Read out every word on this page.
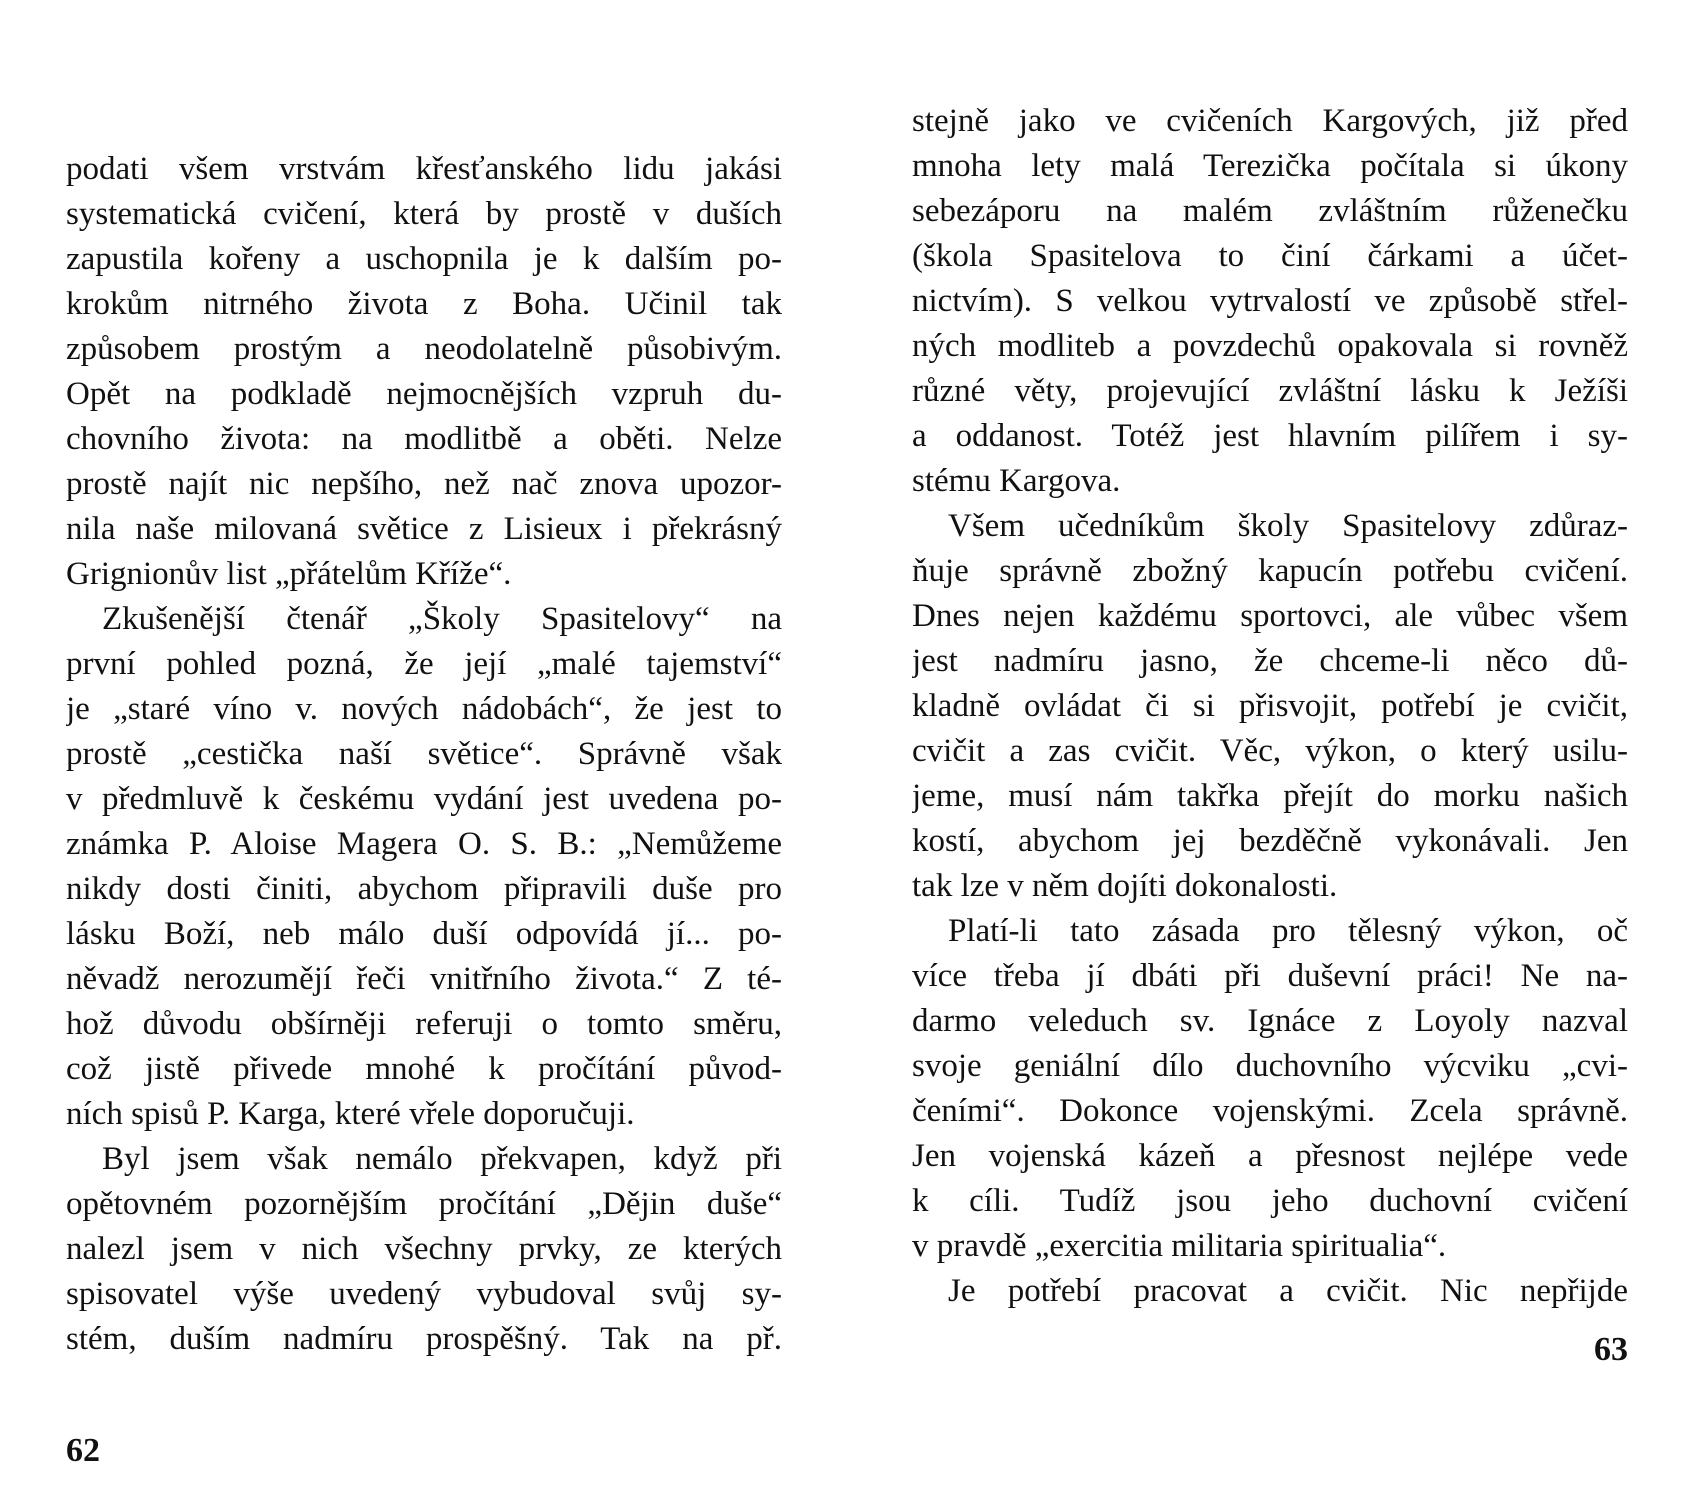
podati všem vrstvám křesťanského lidu jakási
systematická cvičení, která by prostě v duších
zapustila kořeny a uschopnila je k dalším po-
krokům nitrného života z Boha. Učinil tak
způsobem prostým a neodolatelně působivým.
Opět na podkladě nejmocnějších vzpruh du-
chovního života: na modlitbě a oběti. Nelze
prostě najít nic nepšího, než nač znova upozor-
nila naše milovaná světice z Lisieux i překrásný
Grignionův list „přátelům Kříže“.
Zkušenější čtenář „Školy Spasitelovy“ na
první pohled pozná, že její „malé tajemství“
je „staré víno v. nových nádobách“, že jest to
prostě „cestička naší světice“. Správně však
v předmluvě k českému vydání jest uvedena po-
známka P. Aloise Magera O. S. B.: „Nemůžeme
nikdy dosti činiti, abychom připravili duše pro
lásku Boží, neb málo duší odpovídá jí... po-
něvadž nerozumějí řeči vnitřního života.“ Z té-
hož důvodu obšírněji referuji o tomto směru,
což jistě přivede mnohé k pročítání původ-
ních spisů P. Karga, které vřele doporučuji.
Byl jsem však nemálo překvapen, když při
opětovném pozornějším pročítání „Dějin duše“
nalezl jsem v nich všechny prvky, ze kterých
spisovatel výše uvedený vybudoval svůj sy-
stém, duším nadmíru prospěšný. Tak na př.
62
stejně jako ve cvičeních Kargových, již před
mnoha lety malá Terezička počítala si úkony
sebezáporu na malém zvláštním růženečku
(škola Spasitelova to činí čárkami a účet-
nictvím). S velkou vytrvalostí ve způsobě střel-
ných modliteb a povzdechů opakovala si rovněž
různé věty, projevující zvláštní lásku k Ježíši
a oddanost. Totéž jest hlavním pilířem i sy-
stému Kargova.
Všem učedníkům školy Spasitelovy zdůraz-
ňuje správně zbožný kapucín potřebu cvičení.
Dnes nejen každému sportovci, ale vůbec všem
jest nadmíru jasno, že chceme-li něco dů-
kladně ovládat či si přisvojit, potřebí je cvičit,
cvičit a zas cvičit. Věc, výkon, o který usilu-
jeme, musí nám takřka přejít do morku našich
kostí, abychom jej bezděčně vykonávali. Jen
tak lze v něm dojíti dokonalosti.
Platí-li tato zásada pro tělesný výkon, oč
více třeba jí dbáti při duševní práci! Ne na-
darmo veleduch sv. Ignáce z Loyoly nazval
svoje geniální dílo duchovního výcviku „cvi-
čeními“. Dokonce vojenskými. Zcela správně.
Jen vojenská kázeň a přesnost nejlépe vede
k cíli. Tudíž jsou jeho duchovní cvičení
v pravdě „exercitia militaria spiritualia“.
Je potřebí pracovat a cvičit. Nic nepřijde
63
